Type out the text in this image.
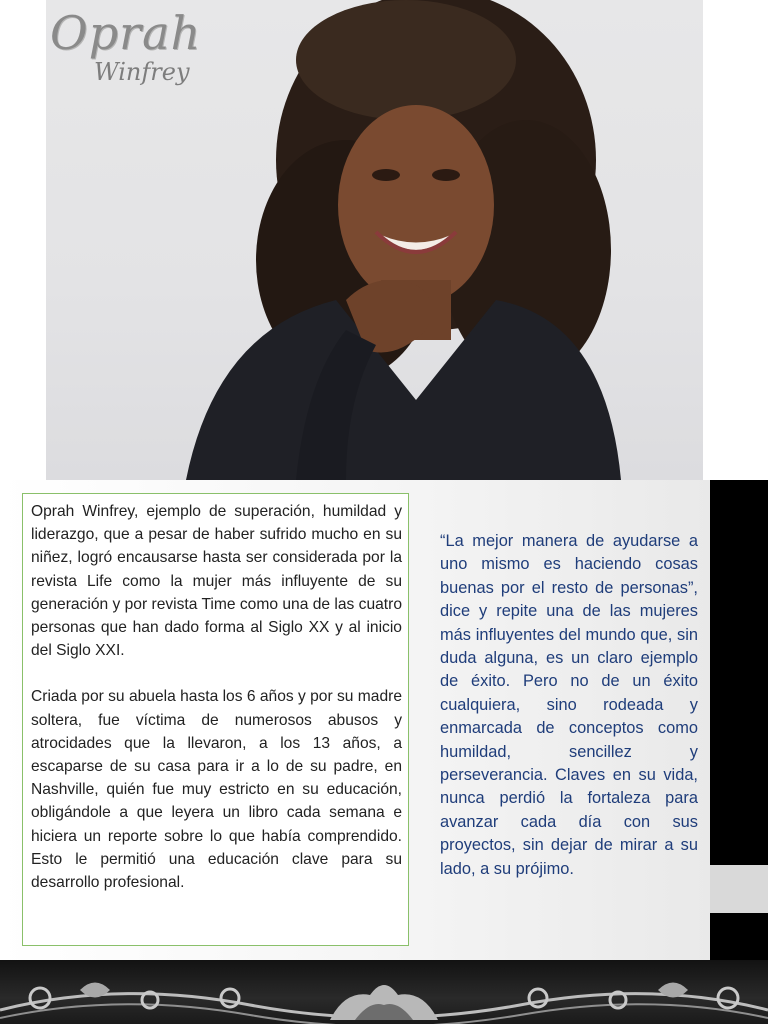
Oprah
Winfrey

Oprah Winfrey, ejemplo de superación, humildad y liderazgo, que a pesar de haber sufrido mucho en su niñez, logró encausarse hasta ser considerada por la revista Life como la mujer más influyente de su generación y por revista Time como una de las cuatro personas que han dado forma al Siglo XX y al inicio del Siglo XXI.

Criada por su abuela hasta los 6 años y por su madre soltera, fue víctima de numerosos abusos y atrocidades que la llevaron, a los 13 años, a escaparse de su casa para ir a lo de su padre, en Nashville, quién fue muy estricto en su educación, obligándole a que leyera un libro cada semana e hiciera un reporte sobre lo que había comprendido. Esto le permitió una educación clave para su desarrollo profesional.

“La mejor manera de ayudarse a uno mismo es haciendo cosas buenas por el resto de personas”, dice y repite una de las mujeres más influyentes del mundo que, sin duda alguna, es un claro ejemplo de éxito. Pero no de un éxito cualquiera, sino rodeada y enmarcada de conceptos como humildad, sencillez y perseverancia. Claves en su vida, nunca perdió la fortaleza para avanzar cada día con sus proyectos, sin dejar de mirar a su lado, a su prójimo.
